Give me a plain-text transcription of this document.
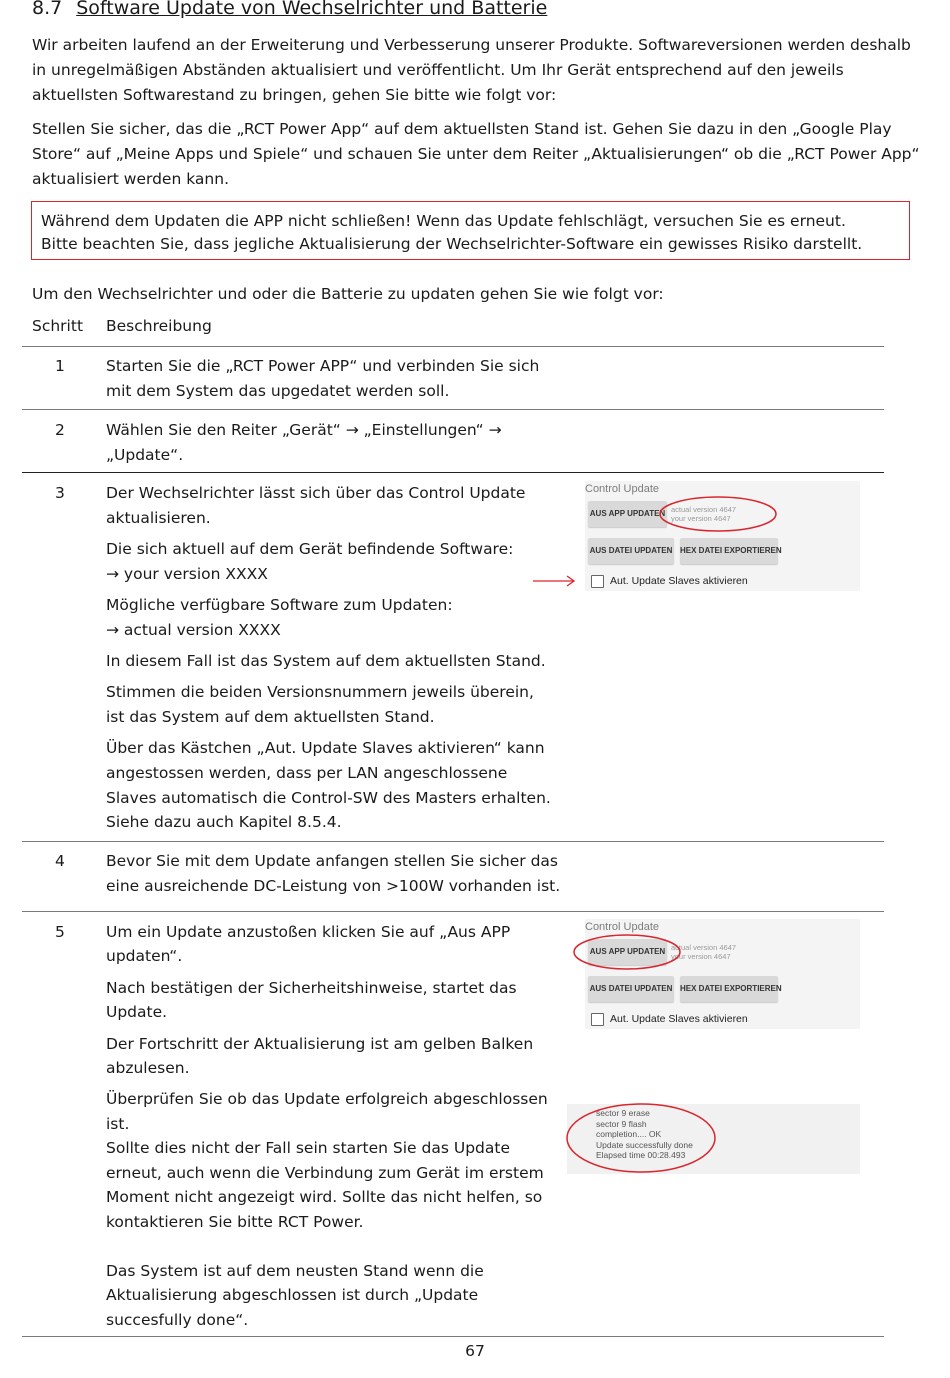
8.7 Software Update von Wechselrichter und Batterie
Wir arbeiten laufend an der Erweiterung und Verbesserung unserer Produkte. Softwareversionen werden deshalb
in unregelmäßigen Abständen aktualisiert und veröffentlicht. Um Ihr Gerät entsprechend auf den jeweils
aktuellsten Softwarestand zu bringen, gehen Sie bitte wie folgt vor:
Stellen Sie sicher, das die „RCT Power App“ auf dem aktuellsten Stand ist. Gehen Sie dazu in den „Google Play
Store“ auf „Meine Apps und Spiele“ und schauen Sie unter dem Reiter „Aktualisierungen“ ob die „RCT Power App“
aktualisiert werden kann.
Während dem Updaten die APP nicht schließen! Wenn das Update fehlschlägt, versuchen Sie es erneut.
Bitte beachten Sie, dass jegliche Aktualisierung der Wechselrichter-Software ein gewisses Risiko darstellt.
Um den Wechselrichter und oder die Batterie zu updaten gehen Sie wie folgt vor:
Schritt Beschreibung
1	Starten Sie die „RCT Power APP“ und verbinden Sie sich
mit dem System das upgedatet werden soll.
2	Wählen Sie den Reiter „Gerät“ → „Einstellungen“ →
„Update“.
3	Der Wechselrichter lässt sich über das Control Update
aktualisieren.
Die sich aktuell auf dem Gerät befindende Software:
→ your version XXXX
Mögliche verfügbare Software zum Updaten:
→ actual version XXXX
In diesem Fall ist das System auf dem aktuellsten Stand.
Stimmen die beiden Versionsnummern jeweils überein,
ist das System auf dem aktuellsten Stand.
Über das Kästchen „Aut. Update Slaves aktivieren“ kann
angestossen werden, dass per LAN angeschlossene
Slaves automatisch die Control-SW des Masters erhalten.
Siehe dazu auch Kapitel 8.5.4.
4	Bevor Sie mit dem Update anfangen stellen Sie sicher das
eine ausreichende DC-Leistung von >100W vorhanden ist.
5	Um ein Update anzustoßen klicken Sie auf „Aus APP
updaten“.
Nach bestätigen der Sicherheitshinweise, startet das
Update.
Der Fortschritt der Aktualisierung ist am gelben Balken
abzulesen.
Überprüfen Sie ob das Update erfolgreich abgeschlossen
ist.
Sollte dies nicht der Fall sein starten Sie das Update
erneut, auch wenn die Verbindung zum Gerät im erstem
Moment nicht angezeigt wird. Sollte das nicht helfen, so
kontaktieren Sie bitte RCT Power.
Das System ist auf dem neusten Stand wenn die
Aktualisierung abgeschlossen ist durch „Update
succesfully done“.
Control Update
AUS APP UPDATEN actual version 4647
your version 4647
AUS DATEI UPDATEN HEX DATEI EXPORTIEREN
Aut. Update Slaves aktivieren
Control Update
AUS APP UPDATEN actual version 4647
your version 4647
AUS DATEI UPDATEN HEX DATEI EXPORTIEREN
Aut. Update Slaves aktivieren
sector 9 erase
sector 9 flash
completion.... OK
Update successfully done
Elapsed time 00:28.493
67
